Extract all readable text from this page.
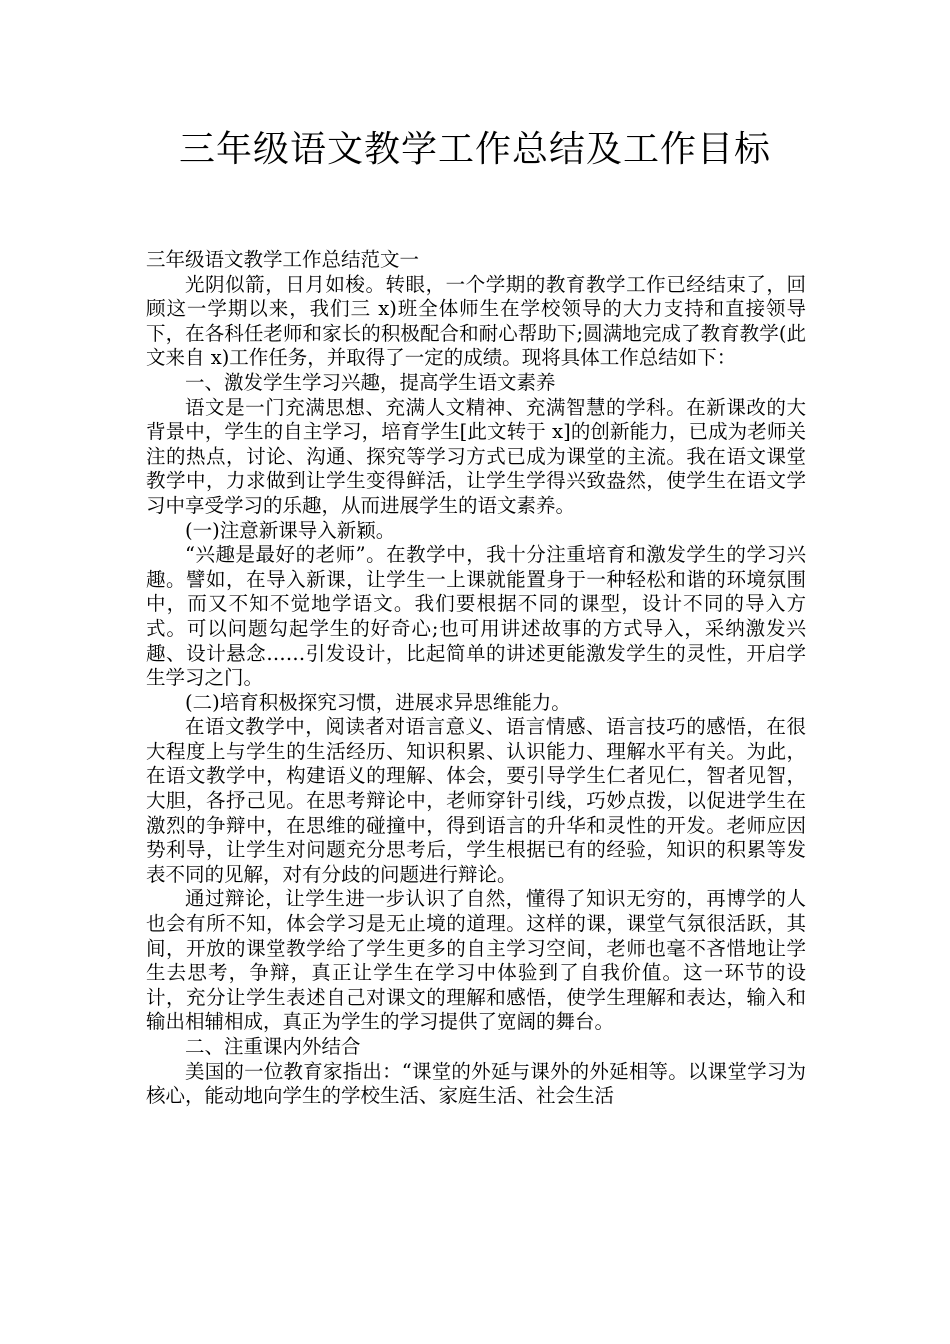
三年级语文教学工作总结及工作目标

三年级语文教学工作总结范文一

光阴似箭，日月如梭。转眼，一个学期的教育教学工作已经结束了，回顾这一学期以来，我们三 x)班全体师生在学校领导的大力支持和直接领导下，在各科任老师和家长的积极配合和耐心帮助下;圆满地完成了教育教学(此文来自 x)工作任务，并取得了一定的成绩。现将具体工作总结如下：

一、激发学生学习兴趣，提高学生语文素养

语文是一门充满思想、充满人文精神、充满智慧的学科。在新课改的大背景中，学生的自主学习，培育学生[此文转于 x]的创新能力，已成为老师关注的热点，讨论、沟通、探究等学习方式已成为课堂的主流。我在语文课堂教学中，力求做到让学生变得鲜活，让学生学得兴致盎然，使学生在语文学习中享受学习的乐趣，从而进展学生的语文素养。

(一)注意新课导入新颖。

“兴趣是最好的老师”。在教学中，我十分注重培育和激发学生的学习兴趣。譬如，在导入新课，让学生一上课就能置身于一种轻松和谐的环境氛围中，而又不知不觉地学语文。我们要根据不同的课型，设计不同的导入方式。可以问题勾起学生的好奇心;也可用讲述故事的方式导入，采纳激发兴趣、设计悬念……引发设计，比起简单的讲述更能激发学生的灵性，开启学生学习之门。

(二)培育积极探究习惯，进展求异思维能力。

在语文教学中，阅读者对语言意义、语言情感、语言技巧的感悟，在很大程度上与学生的生活经历、知识积累、认识能力、理解水平有关。为此，在语文教学中，构建语义的理解、体会，要引导学生仁者见仁，智者见智，大胆，各抒己见。在思考辩论中，老师穿针引线，巧妙点拨，以促进学生在激烈的争辩中，在思维的碰撞中，得到语言的升华和灵性的开发。老师应因势利导，让学生对问题充分思考后，学生根据已有的经验，知识的积累等发表不同的见解，对有分歧的问题进行辩论。

通过辩论，让学生进一步认识了自然，懂得了知识无穷的，再博学的人也会有所不知，体会学习是无止境的道理。这样的课，课堂气氛很活跃，其间，开放的课堂教学给了学生更多的自主学习空间，老师也毫不吝惜地让学生去思考，争辩，真正让学生在学习中体验到了自我价值。这一环节的设计，充分让学生表述自己对课文的理解和感悟，使学生理解和表达，输入和输出相辅相成，真正为学生的学习提供了宽阔的舞台。

二、注重课内外结合

美国的一位教育家指出：“课堂的外延与课外的外延相等。以课堂学习为核心，能动地向学生的学校生活、家庭生活、社会生活
